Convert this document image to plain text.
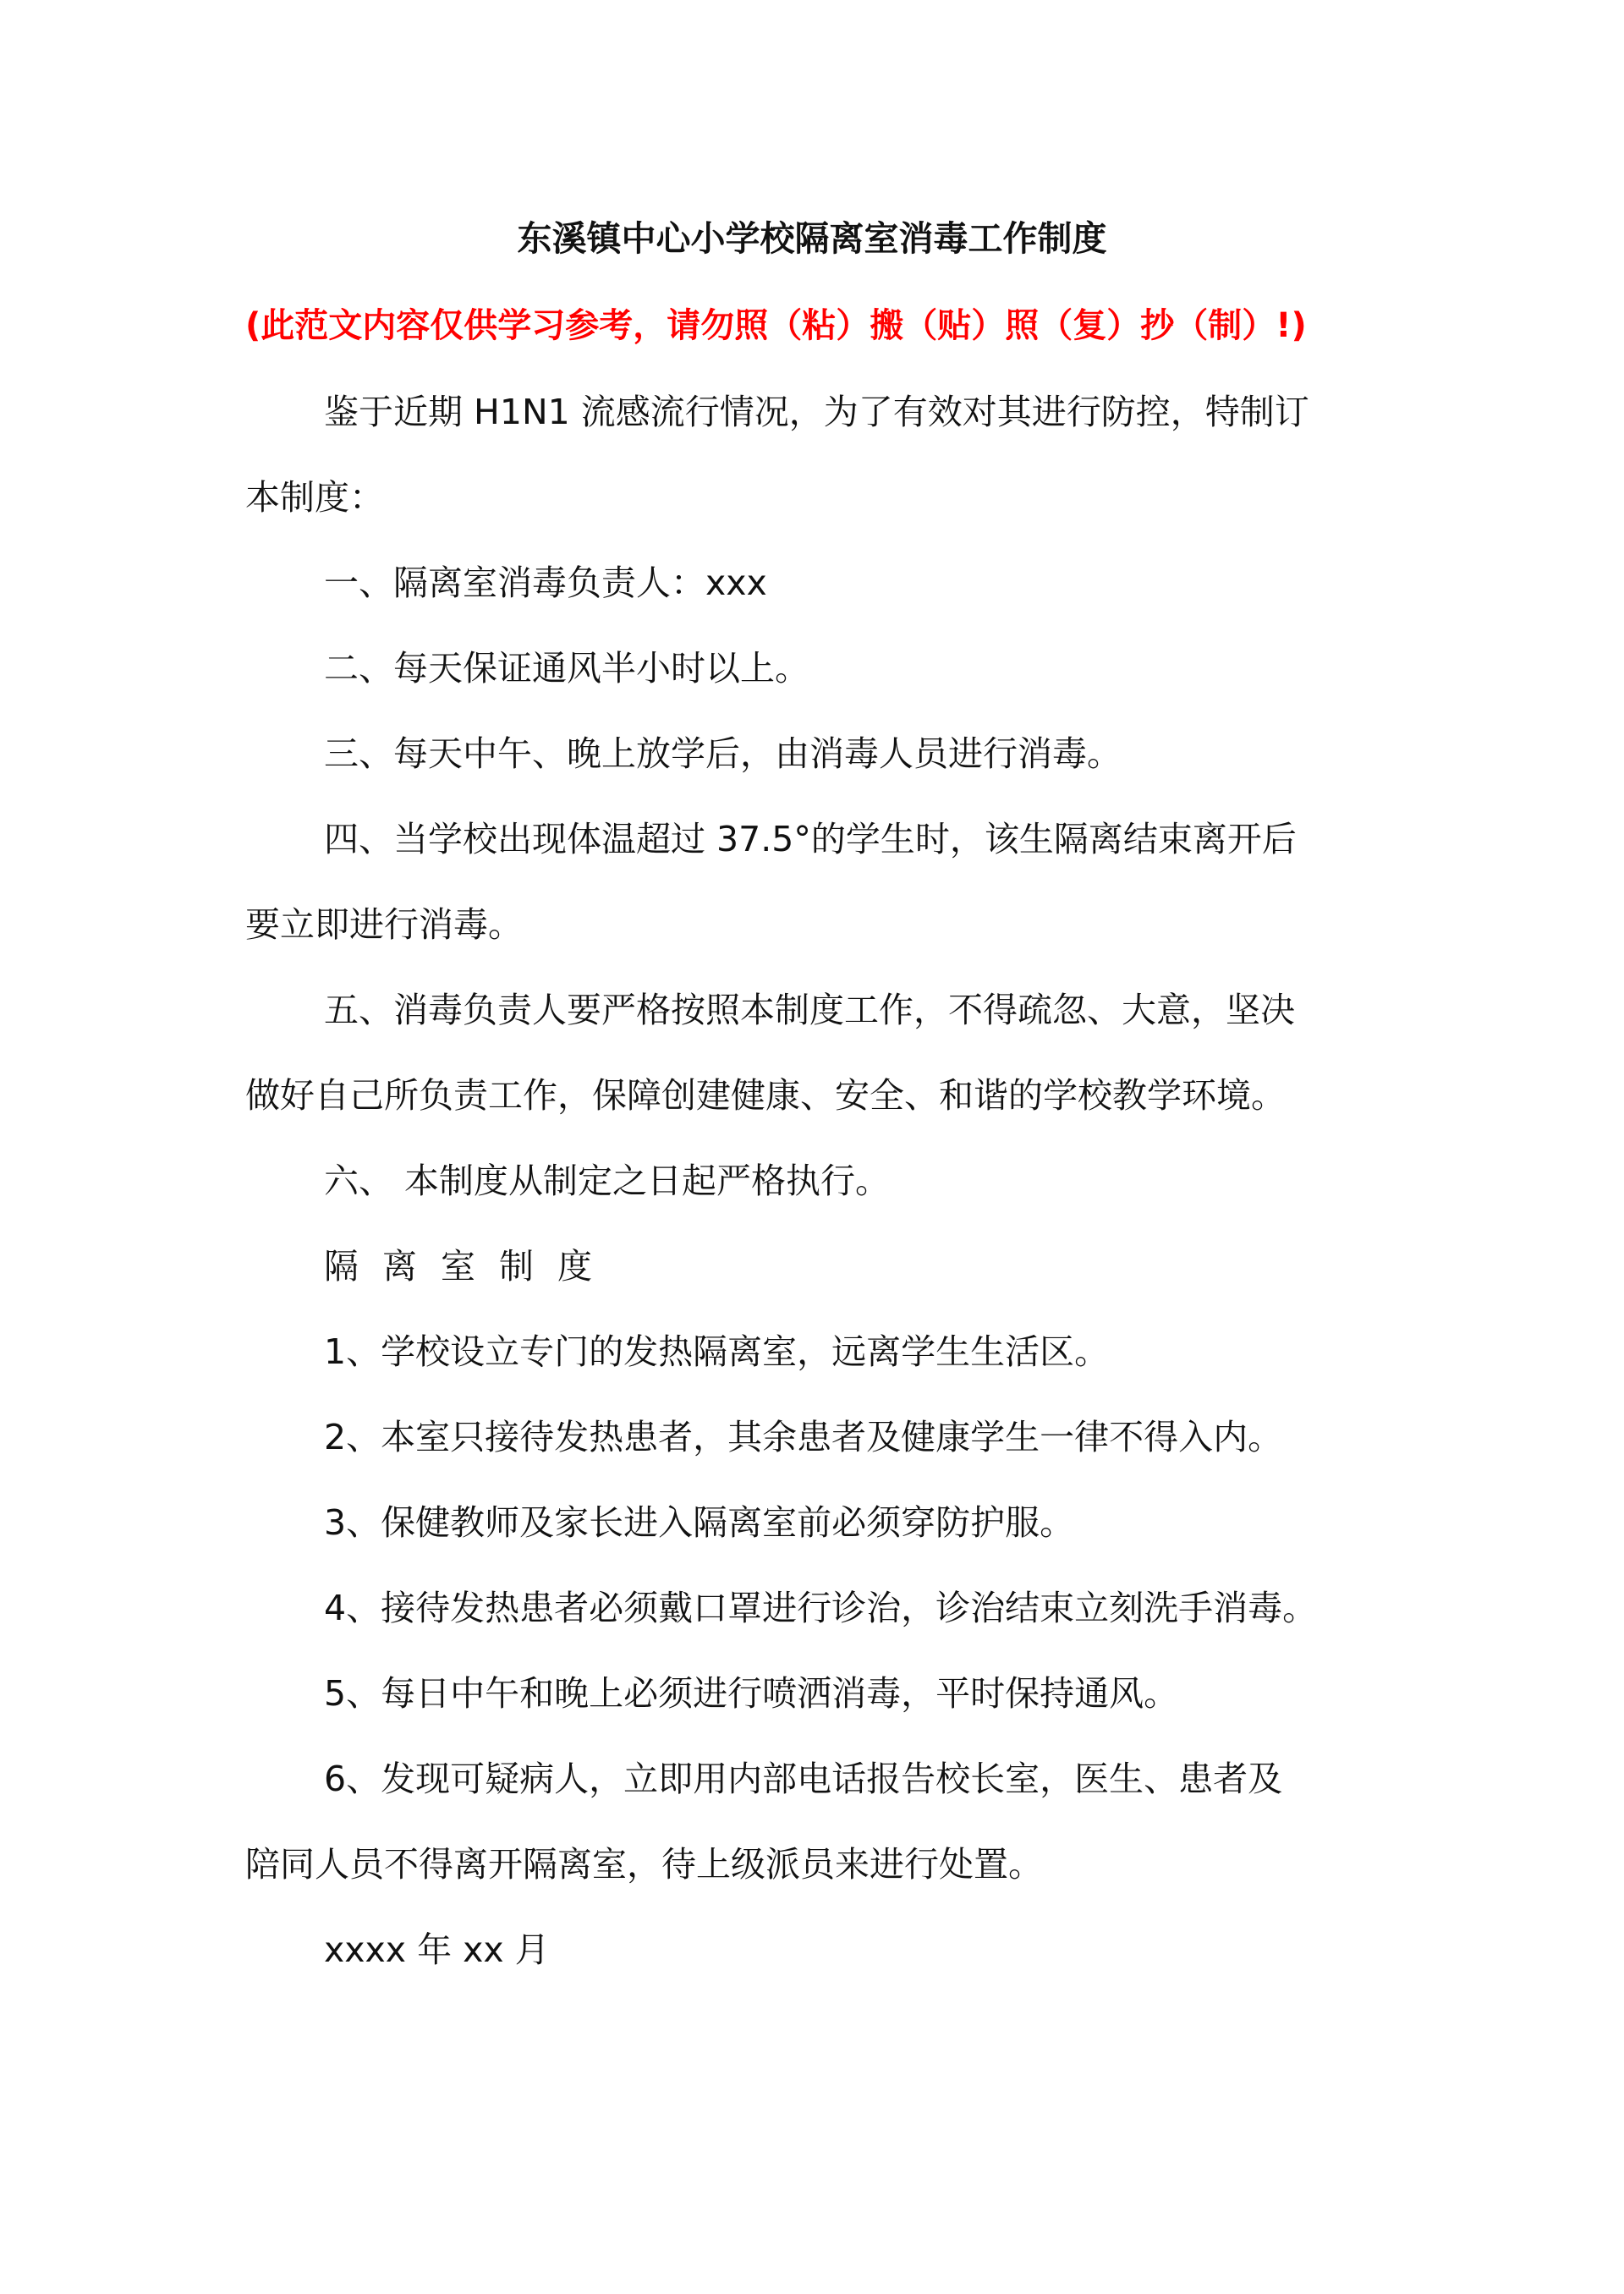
东溪镇中心小学校隔离室消毒工作制度
(此范文内容仅供学习参考，请勿照（粘）搬（贴）照（复）抄（制）!)
鉴于近期 H1N1 流感流行情况，为了有效对其进行防控，特制订
本制度：
一、隔离室消毒负责人：xxx
二、每天保证通风半小时以上。
三、每天中午、晚上放学后，由消毒人员进行消毒。
四、当学校出现体温超过 37.5°的学生时，该生隔离结束离开后
要立即进行消毒。
五、消毒负责人要严格按照本制度工作，不得疏忽、大意，坚决
做好自己所负责工作，保障创建健康、安全、和谐的学校教学环境。
六、 本制度从制定之日起严格执行。
隔离室制度
1、学校设立专门的发热隔离室，远离学生生活区。
2、本室只接待发热患者，其余患者及健康学生一律不得入内。
3、保健教师及家长进入隔离室前必须穿防护服。
4、接待发热患者必须戴口罩进行诊治，诊治结束立刻洗手消毒。
5、每日中午和晚上必须进行喷洒消毒，平时保持通风。
6、发现可疑病人，立即用内部电话报告校长室，医生、患者及
陪同人员不得离开隔离室，待上级派员来进行处置。
xxxx 年 xx 月
